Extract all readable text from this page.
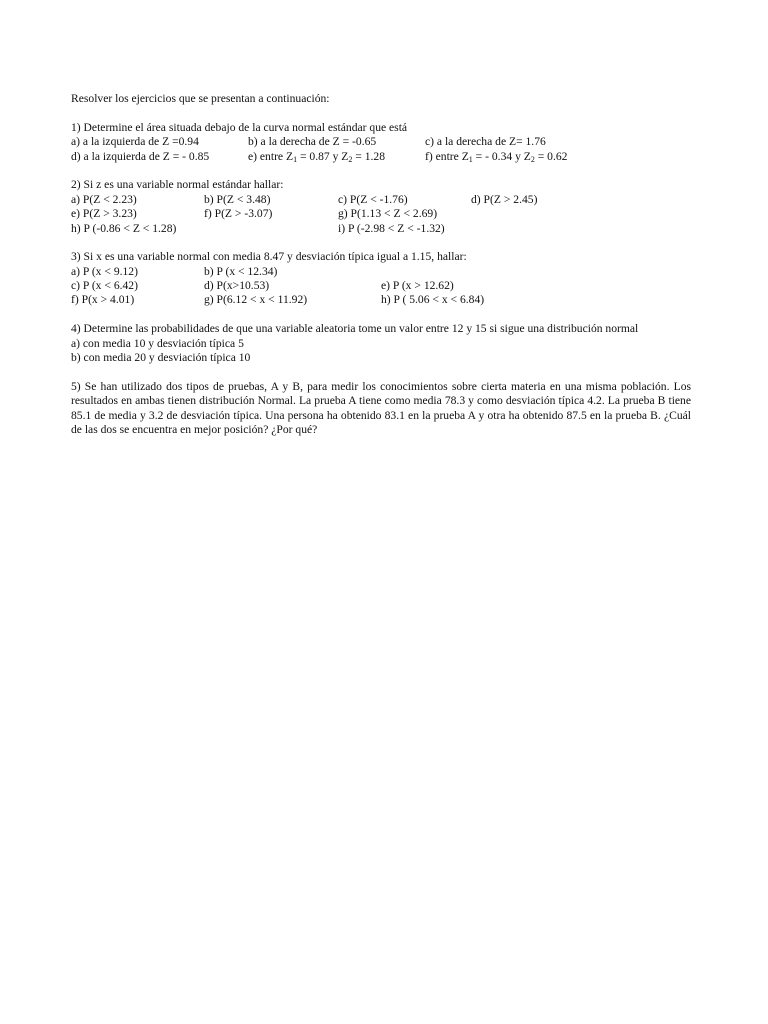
Resolver los ejercicios que se presentan a continuación:
1) Determine el área situada debajo de la curva normal estándar que está
a) a la izquierda de Z =0.94	b) a la derecha de Z = -0.65	c) a la derecha de Z= 1.76
d) a la izquierda de Z = - 0.85	e) entre $Z_1 = 0.87$ y $Z_2 = 1.28$	f) entre $Z_1$ = - 0.34 y $Z_2 = 0.62$
2) Si z es una variable normal estándar hallar:
a) P(Z < 2.23)	b) P(Z < 3.48)	c) P(Z < -1.76)	d) P(Z > 2.45)
e) P(Z > 3.23)	f) P(Z > -3.07)	g) P(1.13 < Z < 2.69)
h) P (-0.86 < Z < 1.28)	i) P (-2.98 < Z < -1.32)
3) Si x es una variable normal con media 8.47 y desviación típica igual a 1.15, hallar:
a) P (x < 9.12)	b) P (x < 12.34)
c) P (x < 6.42)	d) P(x>10.53)	e) P (x > 12.62)
f) P(x > 4.01)	g) P(6.12 < x < 11.92)	h) P ( 5.06 < x < 6.84)
4) Determine las probabilidades de que una variable aleatoria tome un valor entre 12 y 15 si sigue una distribución normal
a) con media 10 y desviación típica 5
b) con media 20 y desviación típica 10

5) Se han utilizado dos tipos de pruebas, A y B, para medir los conocimientos sobre cierta materia en una misma población. Los resultados en ambas tienen distribución Normal. La prueba A tiene como media 78.3 y como desviación típica 4.2. La prueba B tiene 85.1 de media y 3.2 de desviación típica. Una persona ha obtenido 83.1 en la prueba A y otra ha obtenido 87.5 en la prueba B. ¿Cuál de las dos se encuentra en mejor posición? ¿Por qué?
